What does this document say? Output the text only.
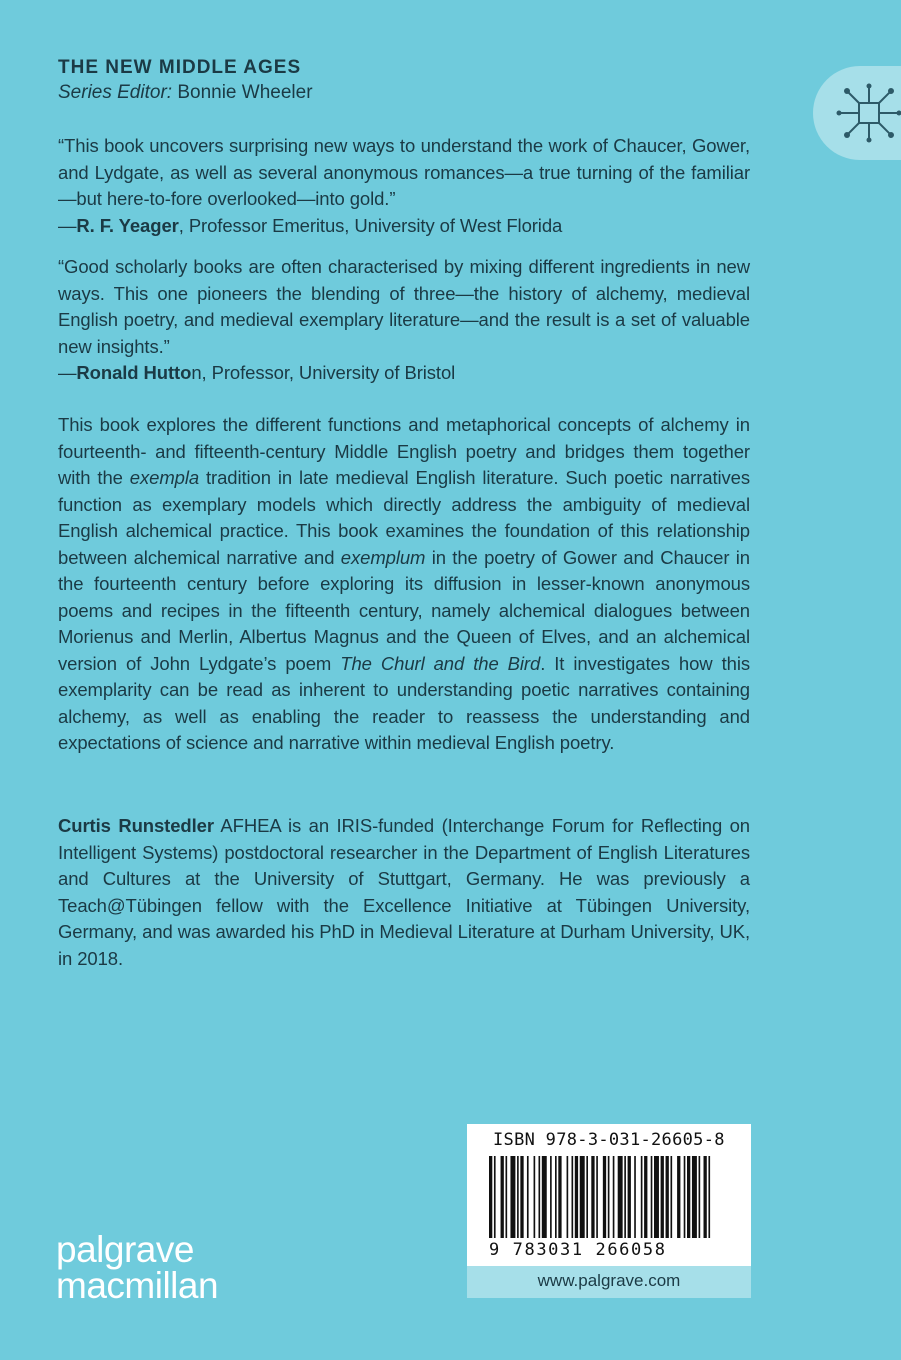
THE NEW MIDDLE AGES
Series Editor: Bonnie Wheeler
“This book uncovers surprising new ways to understand the work of Chaucer, Gower, and Lydgate, as well as several anonymous romances—a true turning of the familiar—but here-to-fore overlooked—into gold.”
—R. F. Yeager, Professor Emeritus, University of West Florida
“Good scholarly books are often characterised by mixing different ingredients in new ways. This one pioneers the blending of three—the history of alchemy, medieval English poetry, and medieval exemplary literature—and the result is a set of valuable new insights.”
—Ronald Hutton, Professor, University of Bristol
This book explores the different functions and metaphorical concepts of alchemy in fourteenth- and fifteenth-century Middle English poetry and bridges them together with the exempla tradition in late medieval English literature. Such poetic narratives function as exemplary models which directly address the ambiguity of medieval English alchemical practice. This book examines the foundation of this relationship between alchemical narrative and exemplum in the poetry of Gower and Chaucer in the fourteenth century before exploring its diffusion in lesser-known anonymous poems and recipes in the fifteenth century, namely alchemical dialogues between Morienus and Merlin, Albertus Magnus and the Queen of Elves, and an alchemical version of John Lydgate’s poem The Churl and the Bird. It investigates how this exemplarity can be read as inherent to understanding poetic narratives containing alchemy, as well as enabling the reader to reassess the understanding and expectations of science and narrative within medieval English poetry.
Curtis Runstedler AFHEA is an IRIS-funded (Interchange Forum for Reflecting on Intelligent Systems) postdoctoral researcher in the Department of English Literatures and Cultures at the University of Stuttgart, Germany. He was previously a Teach@Tübingen fellow with the Excellence Initiative at Tübingen University, Germany, and was awarded his PhD in Medieval Literature at Durham University, UK, in 2018.
ISBN 978-3-031-26605-8
9 783031 266058
www.palgrave.com
palgrave
macmillan
